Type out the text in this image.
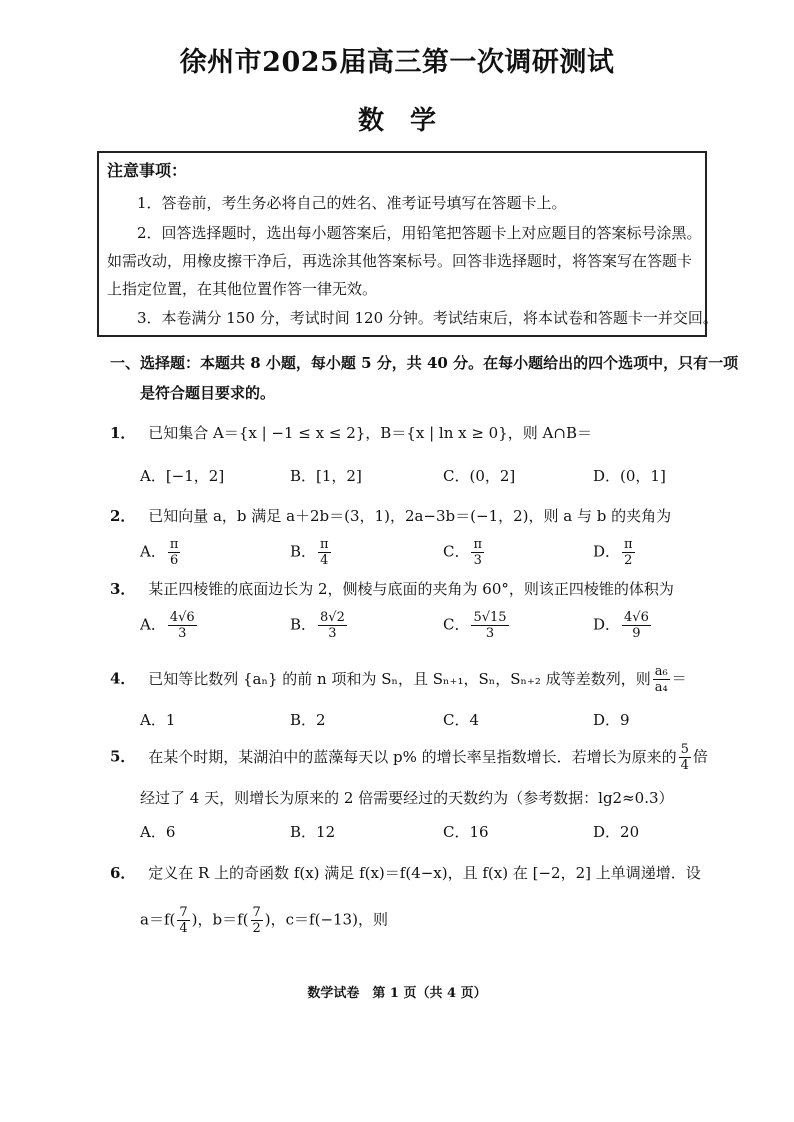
徐州市2025届高三第一次调研测试
数学
注意事项：
1．答卷前，考生务必将自己的姓名、准考证号填写在答题卡上。
2．回答选择题时，选出每小题答案后，用铅笔把答题卡上对应题目的答案标号涂黑。
如需改动，用橡皮擦干净后，再选涂其他答案标号。回答非选择题时，将答案写在答题卡
上指定位置，在其他位置作答一律无效。
3．本卷满分 150 分，考试时间 120 分钟。考试结束后，将本试卷和答题卡一并交回。
一、选择题：本题共 8 小题，每小题 5 分，共 40 分。在每小题给出的四个选项中，只有一项
是符合题目要求的。
1． 已知集合 A＝{x | −1 ≤ x ≤ 2}，B＝{x | ln x ≥ 0}，则 A∩B＝
A．[−1，2]	B．[1，2]	C．(0，2]	D．(0，1]
2． 已知向量 a，b 满足 a＋2b＝(3，1)，2a−3b＝(−1，2)，则 a 与 b 的夹角为
A． $\frac{\pi}{6}$	B． $\frac{\pi}{4}$	C． $\frac{\pi}{3}$	D． $\frac{\pi}{2}$
3． 某正四棱锥的底面边长为 2，侧棱与底面的夹角为 60°，则该正四棱锥的体积为
A． $\frac{4√6}{3}$	B． $\frac{8√2}{3}$	C． $\frac{5√15}{3}$	D． $\frac{4√6}{9}$
4． 已知等比数列 {aₙ} 的前 n 项和为 Sₙ，且 Sₙ₊₁，Sₙ，Sₙ₊₂ 成等差数列，则 $\frac{\text{a₆}}{\text{a₄}}$ ＝
A．1	B．2	C．4	D．9
5． 在某个时期，某湖泊中的蓝藻每天以 p% 的增长率呈指数增长．若增长为原来的 $\frac{5}{4}$ 倍
经过了 4 天，则增长为原来的 2 倍需要经过的天数约为（参考数据：lg2≈0.3）
A．6	B．12	C．16	D．20
6． 定义在 R 上的奇函数 f(x) 满足 f(x)＝f(4−x)，且 f(x) 在 [−2，2] 上单调递增．设
$a=f( \frac{7}{4}$ )，$b=f( \frac{7}{2}$ )，c＝f(−13)，则
数学试卷　第 1 页（共 4 页）
